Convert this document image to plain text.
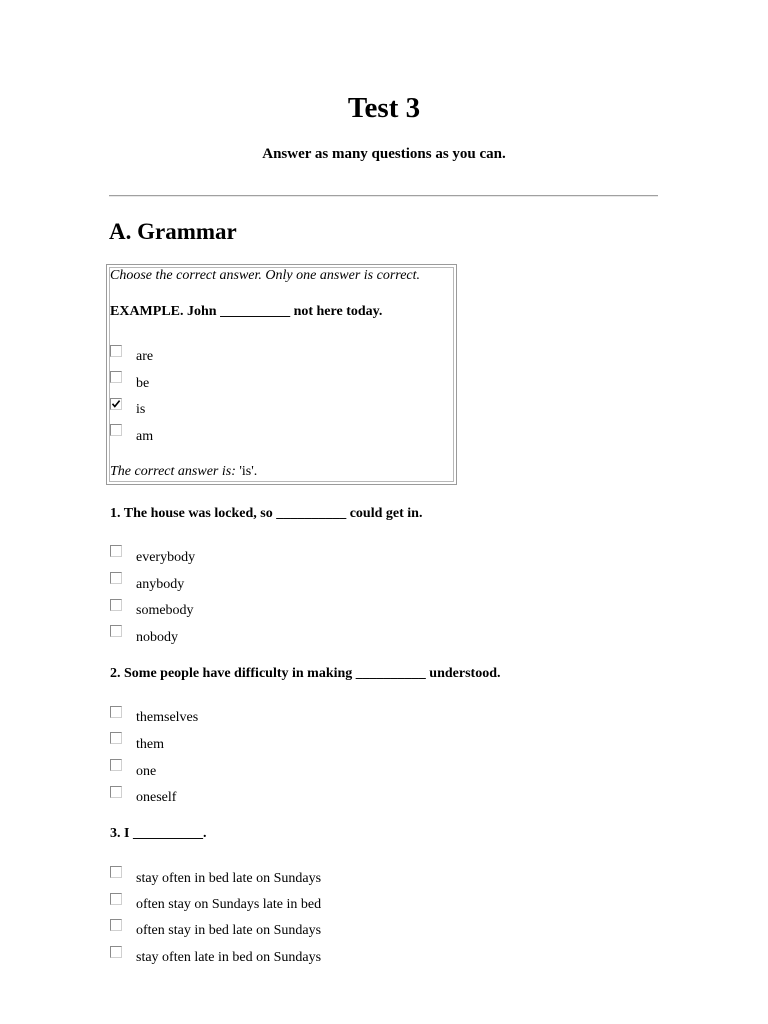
Test 3

Answer as many questions as you can.

A. Grammar
Choose the correct answer. Only one answer is correct.
EXAMPLE. John __________ not here today.
are
be
is
am
The correct answer is: 'is'.
1. The house was locked, so __________ could get in.
everybody
anybody
somebody
nobody
2. Some people have difficulty in making __________ understood.
themselves
them
one
oneself
3. I __________.
stay often in bed late on Sundays
often stay on Sundays late in bed
often stay in bed late on Sundays
stay often late in bed on Sundays
